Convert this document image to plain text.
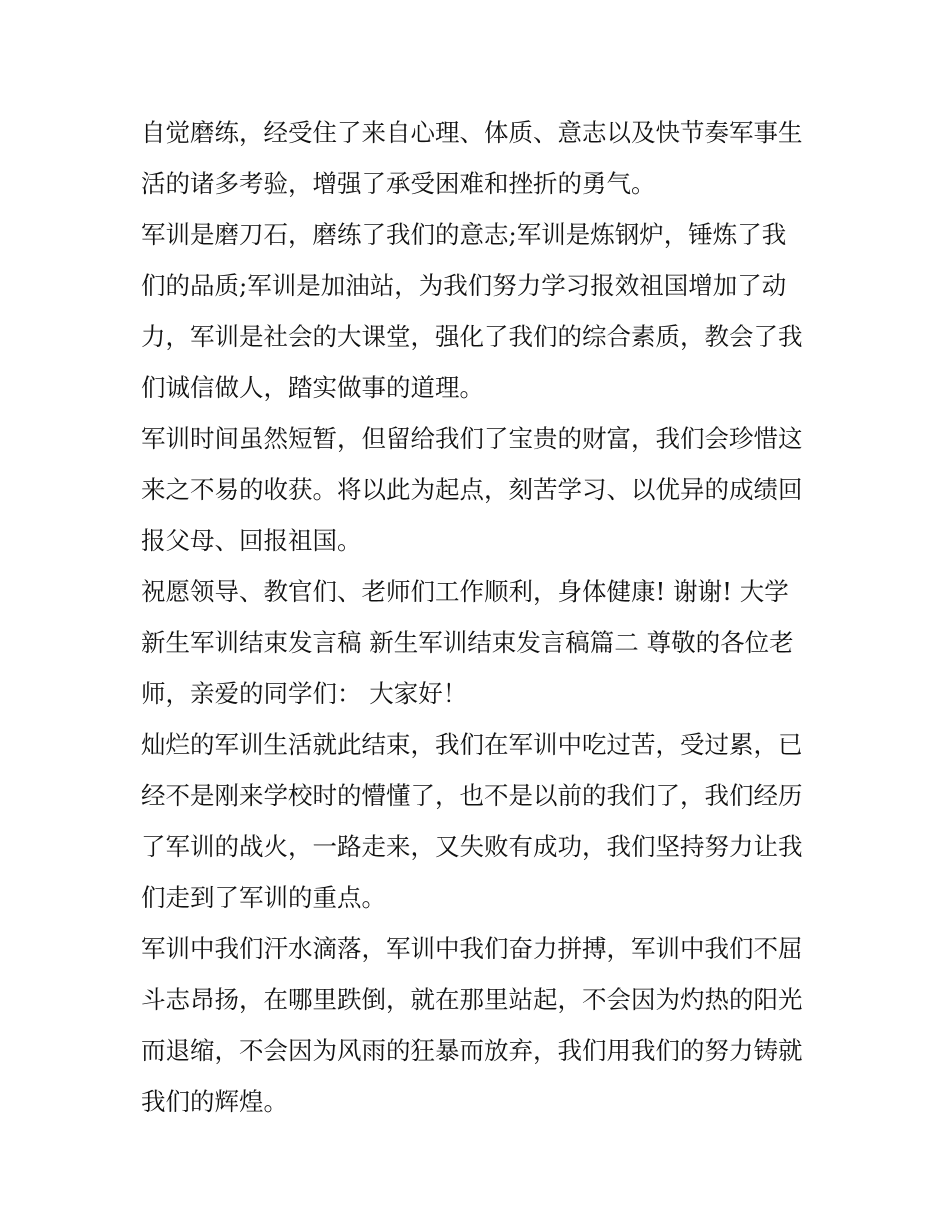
自觉磨练，经受住了来自心理、体质、意志以及快节奏军事生
活的诸多考验，增强了承受困难和挫折的勇气。
军训是磨刀石，磨练了我们的意志;军训是炼钢炉，锤炼了我
们的品质;军训是加油站，为我们努力学习报效祖国增加了动
力，军训是社会的大课堂，强化了我们的综合素质，教会了我
们诚信做人，踏实做事的道理。
军训时间虽然短暂，但留给我们了宝贵的财富，我们会珍惜这
来之不易的收获。将以此为起点，刻苦学习、以优异的成绩回
报父母、回报祖国。
祝愿领导、教官们、老师们工作顺利，身体健康! 谢谢! 大学
新生军训结束发言稿 新生军训结束发言稿篇二 尊敬的各位老
师，亲爱的同学们： 大家好！
灿烂的军训生活就此结束，我们在军训中吃过苦，受过累，已
经不是刚来学校时的懵懂了，也不是以前的我们了，我们经历
了军训的战火，一路走来，又失败有成功，我们坚持努力让我
们走到了军训的重点。
军训中我们汗水滴落，军训中我们奋力拼搏，军训中我们不屈
斗志昂扬，在哪里跌倒，就在那里站起，不会因为灼热的阳光
而退缩，不会因为风雨的狂暴而放弃，我们用我们的努力铸就
我们的辉煌。
